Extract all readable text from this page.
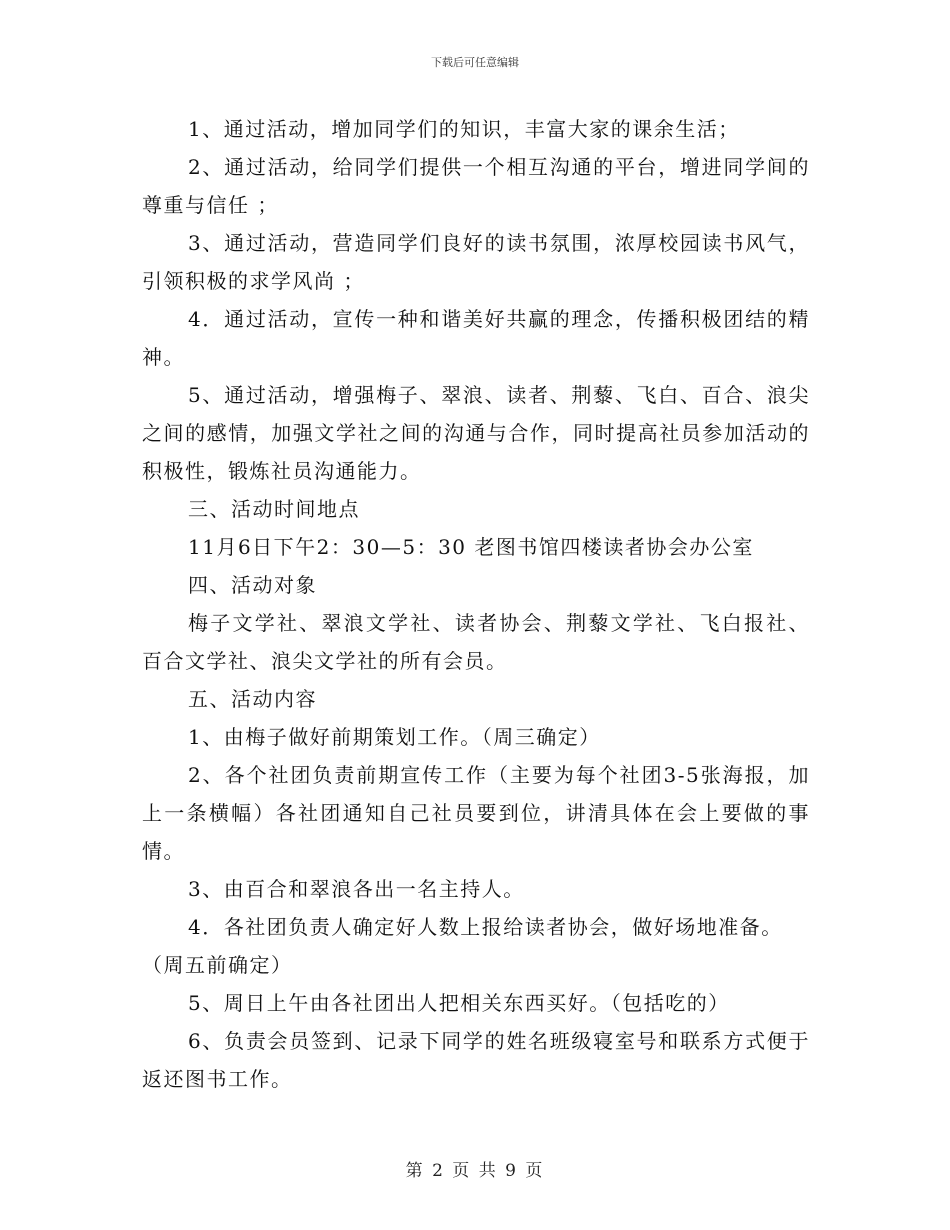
下载后可任意编辑

1、通过活动，增加同学们的知识，丰富大家的课余生活；

2、通过活动，给同学们提供一个相互沟通的平台，增进同学间的尊重与信任 ；

3、通过活动，营造同学们良好的读书氛围，浓厚校园读书风气，引领积极的求学风尚 ；

4．通过活动，宣传一种和谐美好共赢的理念，传播积极团结的精神。

5、通过活动，增强梅子、翠浪、读者、荆藜、飞白、百合、浪尖之间的感情，加强文学社之间的沟通与合作，同时提高社员参加活动的积极性，锻炼社员沟通能力。

三、活动时间地点

11月6日下午2：30—5：30 老图书馆四楼读者协会办公室

四、活动对象

梅子文学社、翠浪文学社、读者协会、荆藜文学社、飞白报社、百合文学社、浪尖文学社的所有会员。

五、活动内容

1、由梅子做好前期策划工作。（周三确定）

2、各个社团负责前期宣传工作（主要为每个社团3-5张海报，加上一条横幅）各社团通知自己社员要到位，讲清具体在会上要做的事情。

3、由百合和翠浪各出一名主持人。

4．各社团负责人确定好人数上报给读者协会，做好场地准备。

（周五前确定）

5、周日上午由各社团出人把相关东西买好。（包括吃的）

6、负责会员签到、记录下同学的姓名班级寝室号和联系方式便于返还图书工作。

第 2 页 共 9 页
